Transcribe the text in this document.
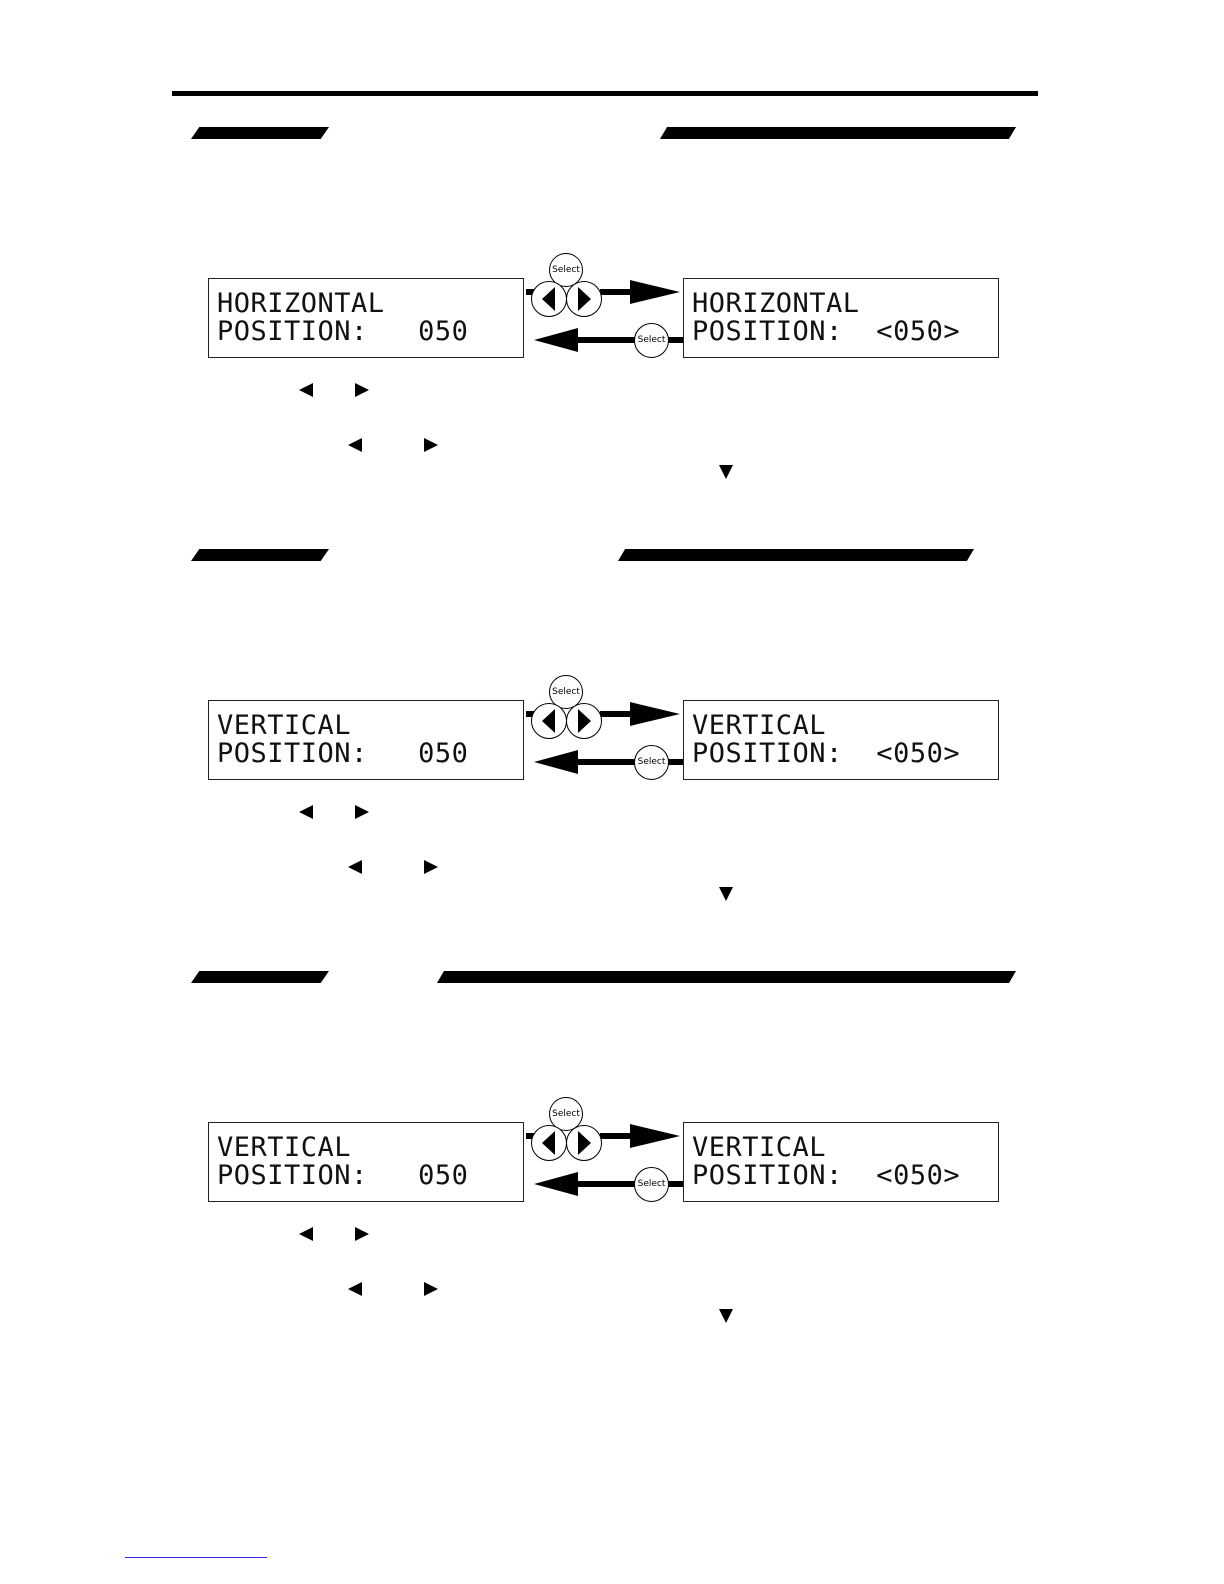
Select
Select
HORIZONTAL
POSITION:   050
HORIZONTAL
POSITION:  <050>
Select
Select
VERTICAL
POSITION:   050
VERTICAL
POSITION:  <050>
Select
Select
VERTICAL
POSITION:   050
VERTICAL
POSITION:  <050>
